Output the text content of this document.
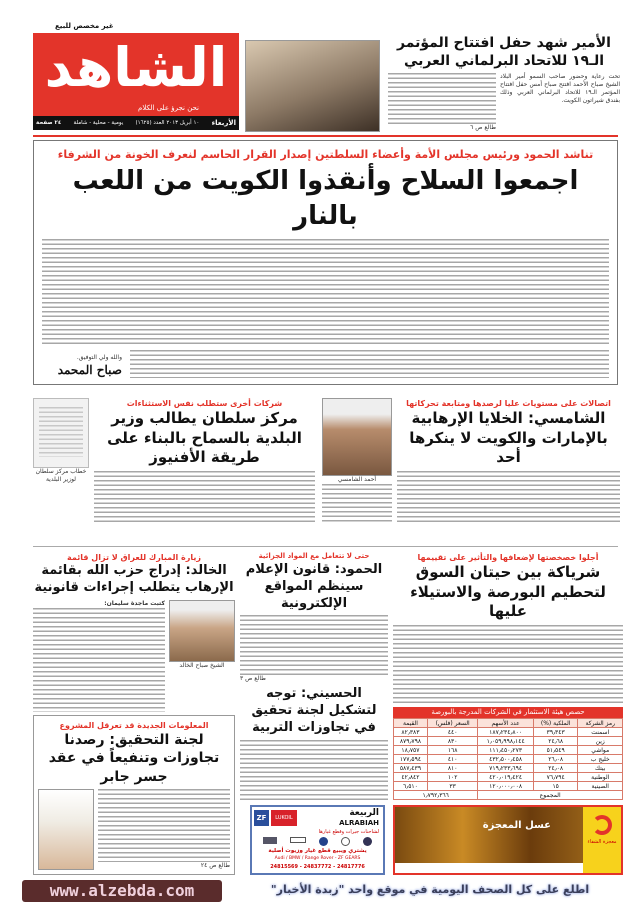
غير مخصص للبيع
الشاهد
نحن نجرؤ على الكلام
الأربعاء
١٠ أبريل ٢٠١٣ العدد (١٦٢٥)
يومية - محلية - شاملة
٢٤ صفحة
الأمير شهد حفل افتتاح المؤتمر الـ١٩ للاتحاد البرلماني العربي
تحت رعاية وحضور صاحب السمو أمير البلاد الشيخ صباح الأحمد افتتح صباح أمس حفل افتتاح المؤتمر الـ١٩ للاتحاد البرلماني العربي وذلك بفندق شيراتون الكويت.
طالع ص ٦
تناشد الحمود ورئيس مجلس الأمة وأعضاء السلطتين إصدار القرار الحاسم لنعرف الخونة من الشرفاء
اجمعوا السلاح وأنقذوا الكويت من اللعب بالنار
والله ولي التوفيق.
صباح المحمد
شركات أخرى ستطلب نفس الاستثناءات
مركز سلطان يطالب وزير البلدية بالسماح بالبناء على طريقة الأفنيوز
خطاب مركز سلطان لوزير البلدية
اتصالات على مستويات عليا لرصدها ومتابعة تحركاتها
الشامسي: الخلايا الإرهابية بالإمارات والكويت لا ينكرها أحد
أحمد الشامسي
أجلوا خصخصتها لإضعافها والتأثير على تقييمها
شرياكة بين حيتان السوق لتحطيم البورصة والاستيلاء عليها
حصص هيئة الاستثمار في الشركات المدرجة بالبورصة
رمز الشركة	الملكية (%)	عدد الأسهم	السعر (فلس)	القيمة
اسمنت	٣٩٫٣٤٣	١٨٧٫٢٣٤٫٨٠٠	٤٤٠	٨٢٫٣٨٣
زين	٢٤٫٦٨	١٫٠٥٩٫٩٩٨٫١٤٤	٨٣٠	٨٧٩٫٧٩٨
مواشي	٥١٫٥٤٩	١١١٫٤٥٠٫٢٧٣	١٦٨	١٨٫٧٥٧
خليج ب	٢٦٫٠٨	٤٣٢٫٥٠٠٫٤٥٨	٤١٠	١٧٧٫٥٩٤
بيتك	٢٤٫٠٨	٧١٩٫٢٣٣٫٦٩٤	٨١٠	٥٨٧٫٤٣٩
الوطنية	٧٦٫٧٩٤	٤٢٠٫٠١٩٫٤٢٤	١٠٢	٤٢٫٨٤٢
الصينية	١٥	١٢٠٫٠٠٠٫٠٠٨	٣٣	٦٫٥١٠
المجموع			١٫٧٩٢٫٣٦٦	
حتى لا تتعامل مع المواد الجزائية
الحمود: قانون الإعلام سينظم المواقع الإلكترونية
طالع ص ٣
الحسيني: توجه لتشكيل لجنة تحقيق في تجاوزات التربية
زيارة المبارك للعراق لا تزال قائمة
الخالد: إدراج حزب الله بقائمة الإرهاب يتطلب إجراءات قانونية
الشيخ صباح الخالد
كتبت ماجدة سليمان:
المعلومات الجديدة قد تعرقل المشروع
لجنة التحقيق: رصدنا تجاوزات وتنفيعاً في عقد جسر جابر
طالع ص ٢٤
ZF	LUKOIL	الربيعة
ALRABIAH
لشاحنات جيرات وقطع غيارها
يشتري ويبيع قطع غيار وزيوت أصلية
Audi / BMW / Range Rover - ZF GEARS
24815569 - 24837772 - 24817776
معجزة الشفاء
عسل المعجزة
www.alzebda.com	اطلع على كل الصحف اليومية في موقع واحد "زبدة الأخبار"
